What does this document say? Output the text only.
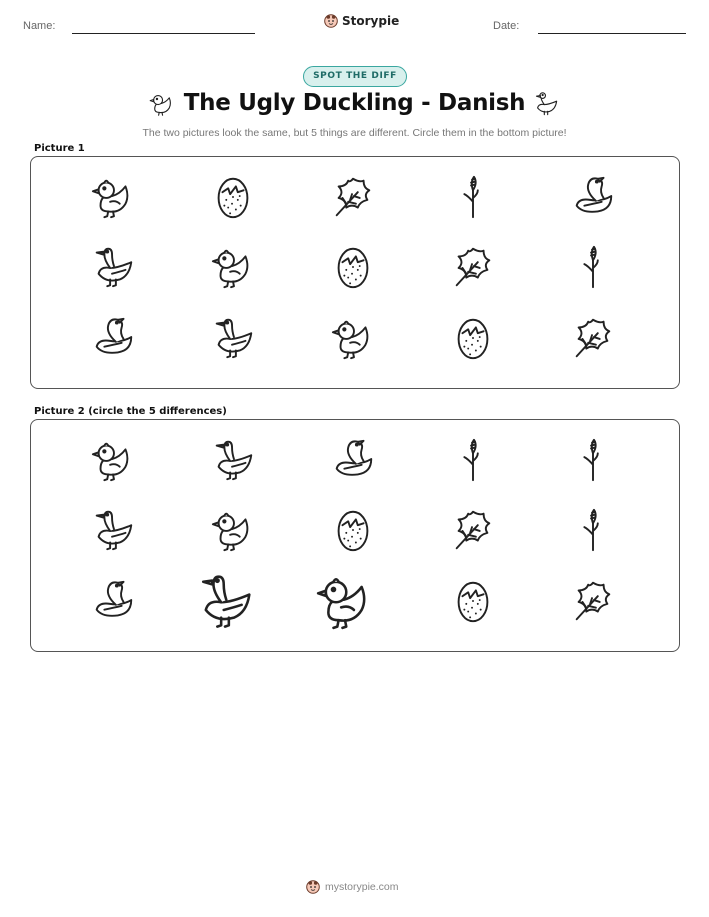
Name:	Storypie	Date:
SPOT THE DIFF
The Ugly Duckling - Danish
The two pictures look the same, but 5 things are different. Circle them in the bottom picture!
Picture 1
Picture 2 (circle the 5 differences)
mystorypie.com
